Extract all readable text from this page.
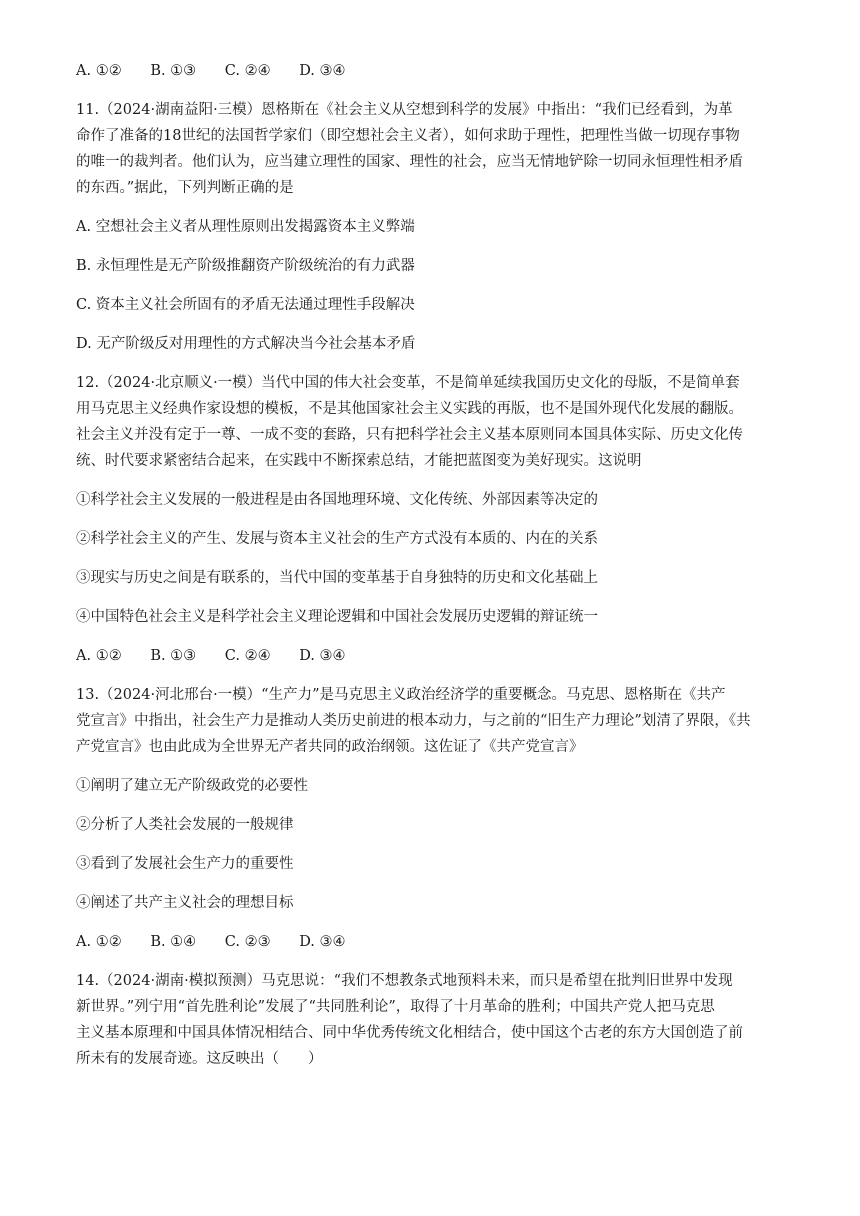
A. ①② B. ①③ C. ②④ D. ③④
11.（2024·湖南益阳·三模）恩格斯在《社会主义从空想到科学的发展》中指出：“我们已经看到，为革
命作了准备的18世纪的法国哲学家们（即空想社会主义者），如何求助于理性，把理性当做一切现存事物
的唯一的裁判者。他们认为，应当建立理性的国家、理性的社会，应当无情地铲除一切同永恒理性相矛盾
的东西。”据此，下列判断正确的是
A. 空想社会主义者从理性原则出发揭露资本主义弊端
B. 永恒理性是无产阶级推翻资产阶级统治的有力武器
C. 资本主义社会所固有的矛盾无法通过理性手段解决
D. 无产阶级反对用理性的方式解决当今社会基本矛盾
12.（2024·北京顺义·一模）当代中国的伟大社会变革，不是简单延续我国历史文化的母版，不是简单套
用马克思主义经典作家设想的模板，不是其他国家社会主义实践的再版，也不是国外现代化发展的翻版。
社会主义并没有定于一尊、一成不变的套路，只有把科学社会主义基本原则同本国具体实际、历史文化传
统、时代要求紧密结合起来，在实践中不断探索总结，才能把蓝图变为美好现实。这说明
①科学社会主义发展的一般进程是由各国地理环境、文化传统、外部因素等决定的
②科学社会主义的产生、发展与资本主义社会的生产方式没有本质的、内在的关系
③现实与历史之间是有联系的，当代中国的变革基于自身独特的历史和文化基础上
④中国特色社会主义是科学社会主义理论逻辑和中国社会发展历史逻辑的辩证统一
A. ①② B. ①③ C. ②④ D. ③④
13.（2024·河北邢台·一模）“生产力”是马克思主义政治经济学的重要概念。马克思、恩格斯在《共产
党宣言》中指出，社会生产力是推动人类历史前进的根本动力，与之前的“旧生产力理论”划清了界限，《共
产党宣言》也由此成为全世界无产者共同的政治纲领。这佐证了《共产党宣言》
①阐明了建立无产阶级政党的必要性
②分析了人类社会发展的一般规律
③看到了发展社会生产力的重要性
④阐述了共产主义社会的理想目标
A. ①② B. ①④ C. ②③ D. ③④
14.（2024·湖南·模拟预测）马克思说：“我们不想教条式地预料未来，而只是希望在批判旧世界中发现
新世界。”列宁用“首先胜利论”发展了“共同胜利论”，取得了十月革命的胜利；中国共产党人把马克思
主义基本原理和中国具体情况相结合、同中华优秀传统文化相结合，使中国这个古老的东方大国创造了前
所未有的发展奇迹。这反映出（　　）
